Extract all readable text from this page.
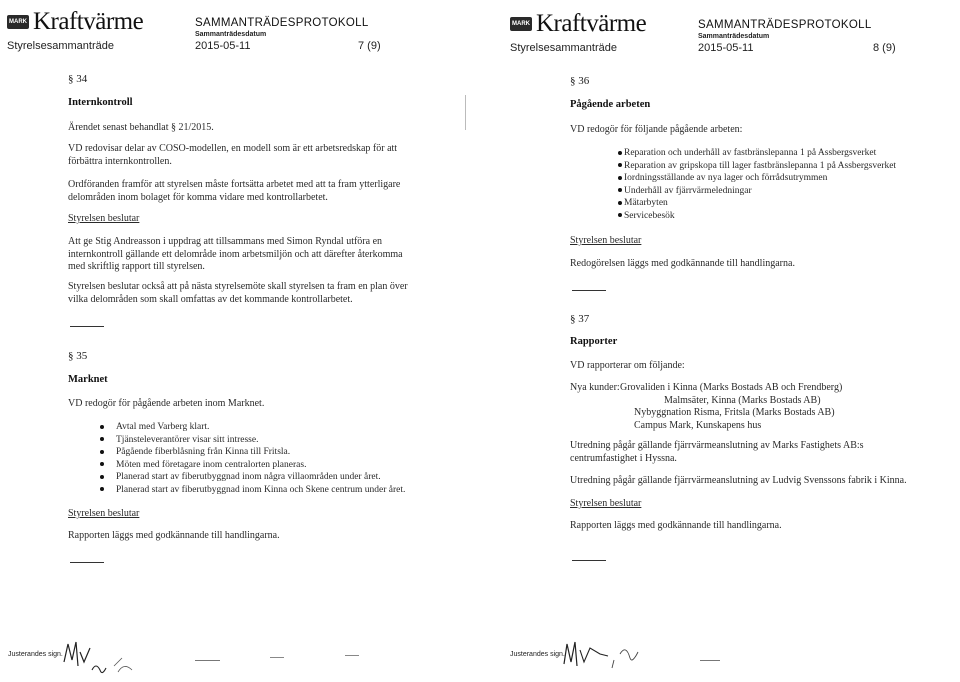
MARK Kraftvärme	SAMMANTRÄDESPROTOKOLL
Sammanträdesdatum
Styrelsesammanträde	2015-05-11	7 (9)
§ 34
Internkontroll
Ärendet senast behandlat § 21/2015.
VD redovisar delar av COSO-modellen, en modell som är ett arbetsredskap för att
förbättra internkontrollen.
Ordföranden framför att styrelsen måste fortsätta arbetet med att ta fram ytterligare
delområden inom bolaget för komma vidare med kontrollarbetet.
Styrelsen beslutar
Att ge Stig Andreasson i uppdrag att tillsammans med Simon Ryndal utföra en
internkontroll gällande ett delområde inom arbetsmiljön och att därefter återkomma
med skriftlig rapport till styrelsen.
Styrelsen beslutar också att på nästa styrelsemöte skall styrelsen ta fram en plan över
vilka delområden som skall omfattas av det kommande kontrollarbetet.
§ 35
Marknet
VD redogör för pågående arbeten inom Marknet.
Avtal med Varberg klart.
Tjänsteleverantörer visar sitt intresse.
Pågående fiberblåsning från Kinna till Fritsla.
Möten med företagare inom centralorten planeras.
Planerad start av fiberutbyggnad inom några villaområden under året.
Planerad start av fiberutbyggnad inom Kinna och Skene centrum under året.
Styrelsen beslutar
Rapporten läggs med godkännande till handlingarna.
Justerandes sign.
MARK Kraftvärme	SAMMANTRÄDESPROTOKOLL
Sammanträdesdatum
Styrelsesammanträde	2015-05-11	8 (9)
§ 36
Pågående arbeten
VD redogör för följande pågående arbeten:
Reparation och underhåll av fastbränslepanna 1 på Assbergsverket
Reparation av gripskopa till lager fastbränslepanna 1 på Assbergsverket
Iordningsställande av nya lager och förrådsutrymmen
Underhåll av fjärrvärmeledningar
Mätarbyten
Servicebesök
Styrelsen beslutar
Redogörelsen läggs med godkännande till handlingarna.
§ 37
Rapporter
VD rapporterar om följande:
Nya kunder: Grovaliden i Kinna (Marks Bostads AB och Frendberg)
Malmsäter, Kinna (Marks Bostads AB)
Nybyggnation Risma, Fritsla (Marks Bostads AB)
Campus Mark, Kunskapens hus
Utredning pågår gällande fjärrvärmeanslutning av Marks Fastighets AB:s
centrumfastighet i Hyssna.
Utredning pågår gällande fjärrvärmeanslutning av Ludvig Svenssons fabrik i Kinna.
Styrelsen beslutar
Rapporten läggs med godkännande till handlingarna.
Justerandes sign.
